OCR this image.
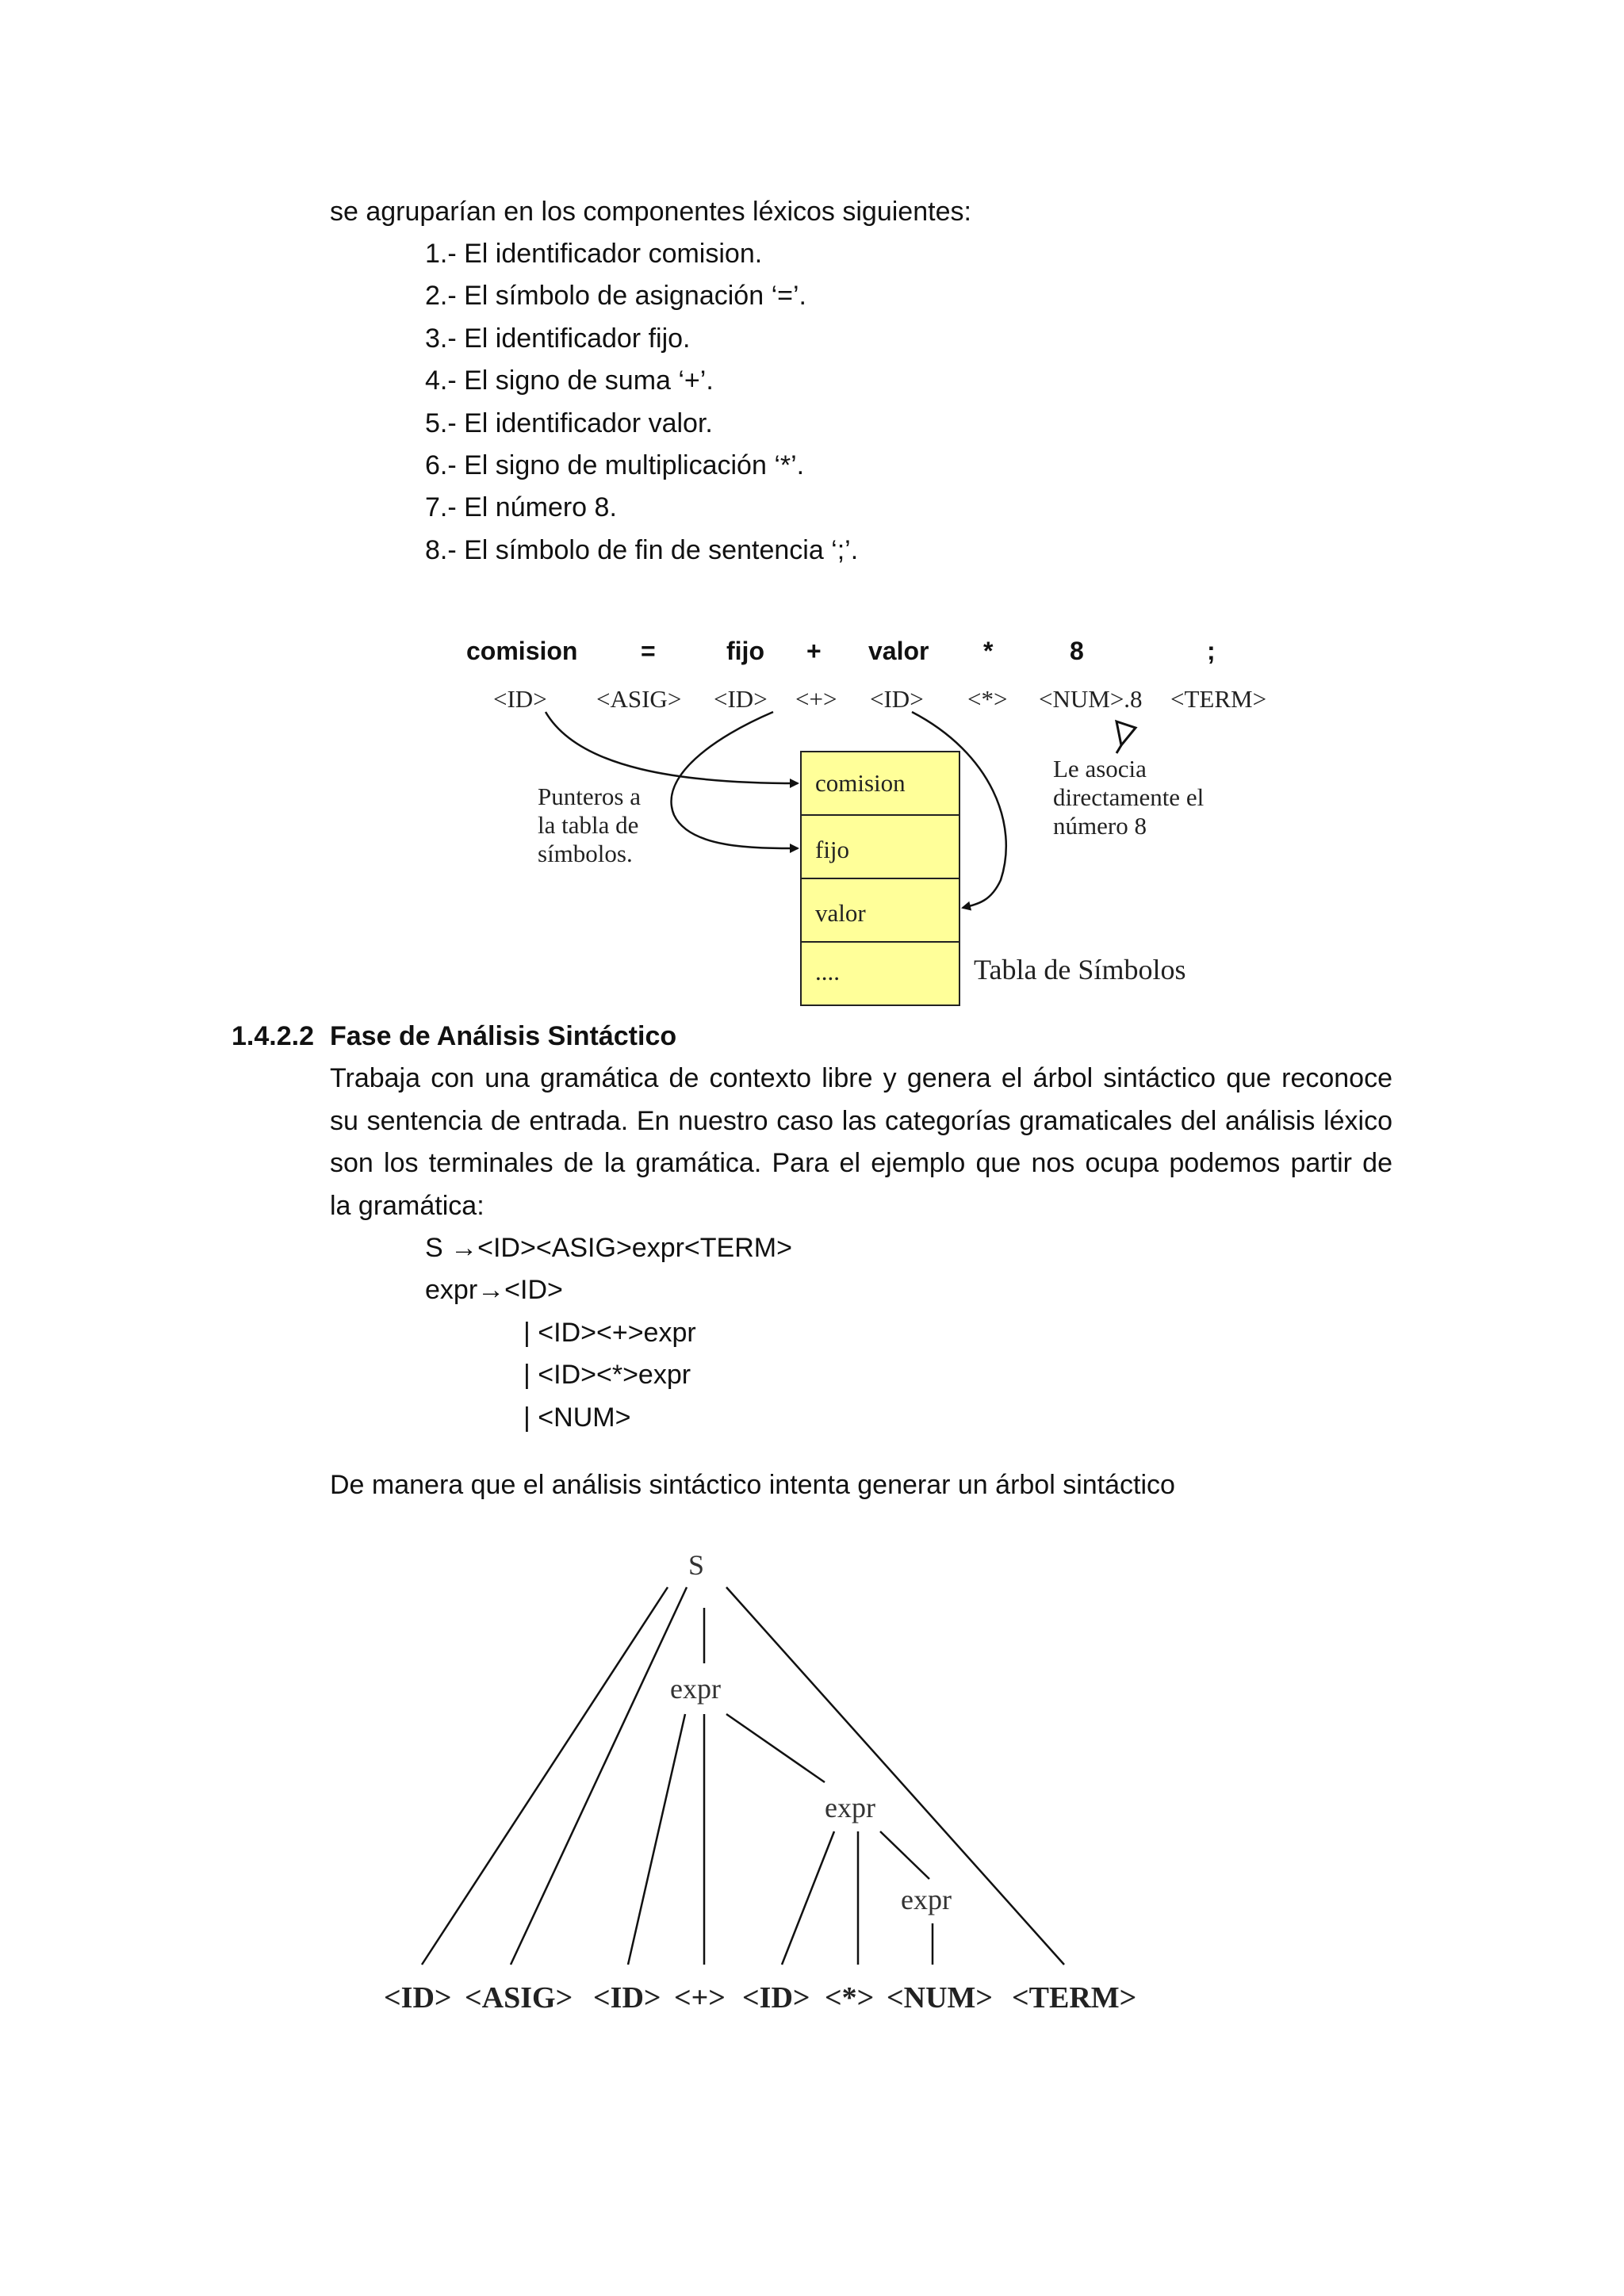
se agruparían en los componentes léxicos siguientes:
1.- El identificador comision.
2.- El símbolo de asignación ‘=’.
3.- El identificador fijo.
4.- El signo de suma ‘+’.
5.- El identificador valor.
6.- El signo de multiplicación ‘*’.
7.- El número 8.
8.- El símbolo de fin de sentencia ‘;’.
comision =	fijo + valor *	8	;
<ID> <ASIG> <ID> <+> <ID> <*> <NUM>.8 <TERM>
comision
fijo
valor
....	Tabla de Símbolos
Punteros a
la tabla de
símbolos.
Le asocia
directamente el
número 8
1.4.2.2 Fase de Análisis Sintáctico
Trabaja con una gramática de contexto libre y genera el árbol sintáctico que reconoce
su sentencia de entrada. En nuestro caso las categorías gramaticales del análisis léxico
son los terminales de la gramática. Para el ejemplo que nos ocupa podemos partir de
la gramática:
S →<ID><ASIG>expr<TERM>
expr→<ID>
| <ID><+>expr
| <ID><*>expr
| <NUM>
De manera que el análisis sintáctico intenta generar un árbol sintáctico
S
expr
expr
expr
<ID> <ASIG> <ID> <+> <ID> <*> <NUM> <TERM>
